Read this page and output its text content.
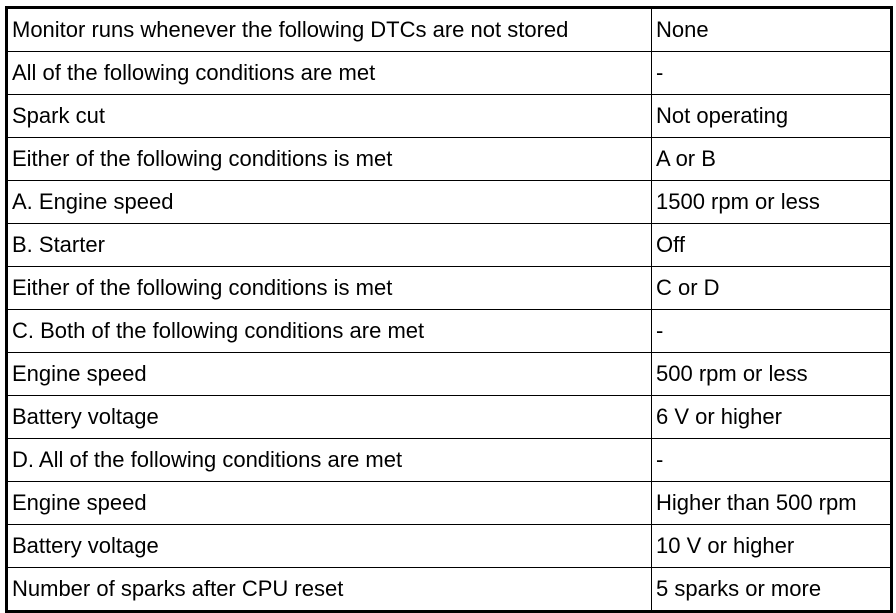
Monitor runs whenever the following DTCs are not stored	None
All of the following conditions are met	-
Spark cut	Not operating
Either of the following conditions is met	A or B
A. Engine speed	1500 rpm or less
B. Starter	Off
Either of the following conditions is met	C or D
C. Both of the following conditions are met	-
Engine speed	500 rpm or less
Battery voltage	6 V or higher
D. All of the following conditions are met	-
Engine speed	Higher than 500 rpm
Battery voltage	10 V or higher
Number of sparks after CPU reset	5 sparks or more
